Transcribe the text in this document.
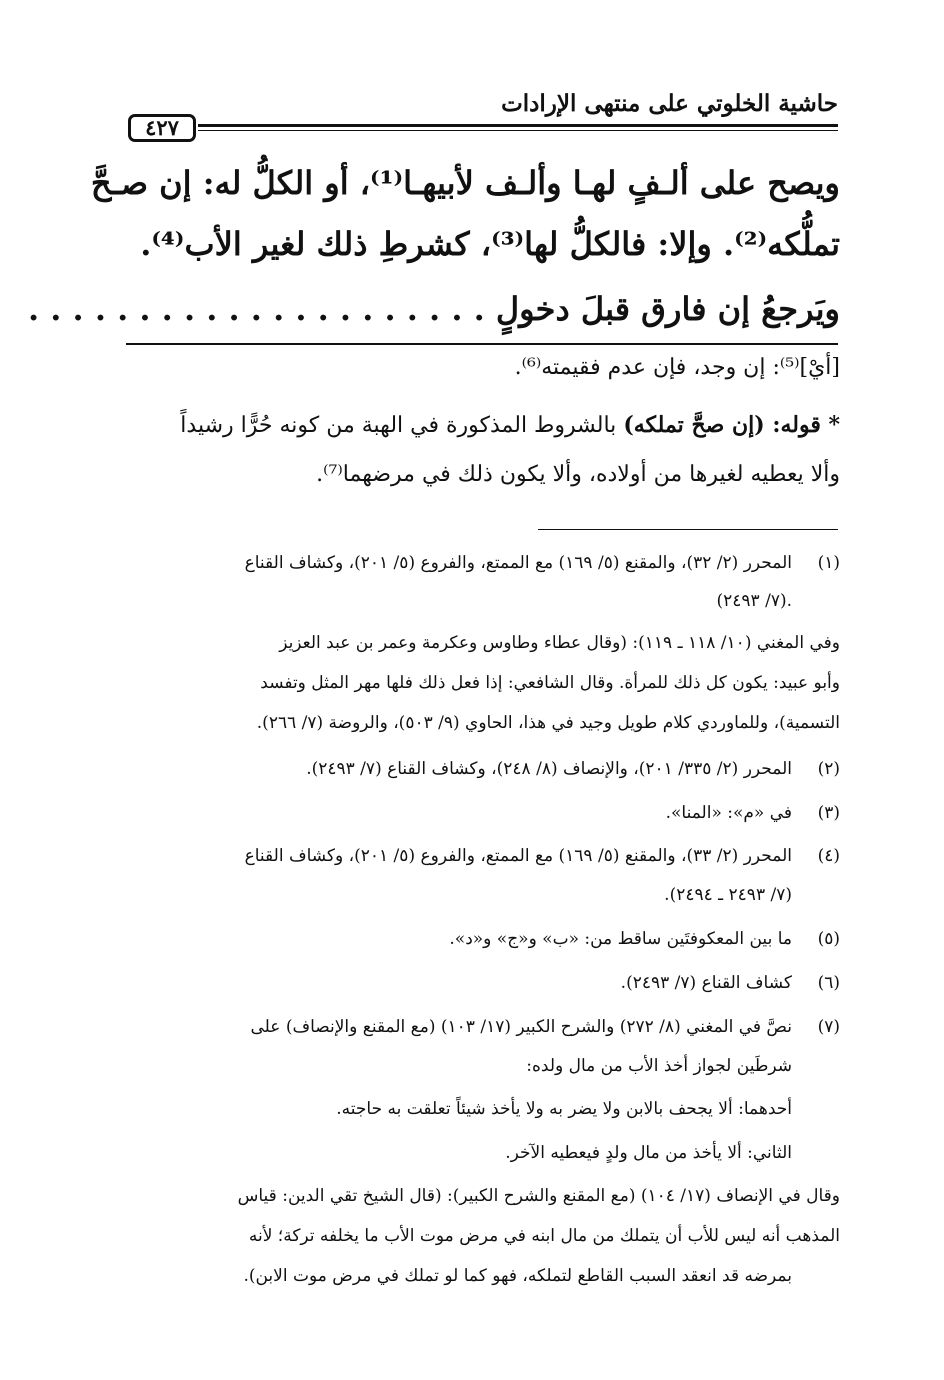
حاشية الخلوتي على منتهى الإرادات
٤٢٧
ويصح على ألـفٍ لهـا وألـف لأبيهـا⁽¹⁾، أو الكلُّ له: إن صـحَّ
تملُّكه⁽²⁾. وإلا: فالكلُّ لها⁽³⁾، كشرطِ ذلك لغير الأب⁽⁴⁾.
ويَرجعُ إن فارق قبلَ دخولٍ . . . . . . . . . . . . . . . . . . . . .
[أيْ]⁽⁵⁾: إن وجد، فإن عدم فقيمته⁽⁶⁾.
* قوله: (إن صحَّ تملكه) بالشروط المذكورة في الهبة من كونه حُرًّا رشيداً
وألا يعطيه لغيرها من أولاده، وألا يكون ذلك في مرضهما⁽⁷⁾.
(١)المحرر (٢/ ٣٢)، والمقنع (٥/ ١٦٩) مع الممتع، والفروع (٥/ ٢٠١)، وكشاف القناع
(٧/ ٢٤٩٣).
وفي المغني (١٠/ ١١٨ ـ ١١٩): (وقال عطاء وطاوس وعكرمة وعمر بن عبد العزيز
وأبو عبيد: يكون كل ذلك للمرأة. وقال الشافعي: إذا فعل ذلك فلها مهر المثل وتفسد
التسمية)، وللماوردي كلام طويل وجيد في هذا، الحاوي (٩/ ٥٠٣)، والروضة (٧/ ٢٦٦).
(٢)المحرر (٢/ ٣٣٥/ ٢٠١)، والإنصاف (٨/ ٢٤٨)، وكشاف القناع (٧/ ٢٤٩٣).
(٣)في «م»: «المنا».
(٤)المحرر (٢/ ٣٣)، والمقنع (٥/ ١٦٩) مع الممتع، والفروع (٥/ ٢٠١)، وكشاف القناع
(٧/ ٢٤٩٣ ـ ٢٤٩٤).
(٥)ما بين المعكوفتَين ساقط من: «ب» و«ج» و«د».
(٦)كشاف القناع (٧/ ٢٤٩٣).
(٧)نصَّ في المغني (٨/ ٢٧٢) والشرح الكبير (١٧/ ١٠٣) (مع المقنع والإنصاف) على
شرطَين لجواز أخذ الأب من مال ولده:
أحدهما: ألا يجحف بالابن ولا يضر به ولا يأخذ شيئاً تعلقت به حاجته.
الثاني: ألا يأخذ من مال ولدٍ فيعطيه الآخر.
وقال في الإنصاف (١٧/ ١٠٤) (مع المقنع والشرح الكبير): (قال الشيخ تقي الدين: قياس
المذهب أنه ليس للأب أن يتملك من مال ابنه في مرض موت الأب ما يخلفه تركة؛ لأنه
بمرضه قد انعقد السبب القاطع لتملكه، فهو كما لو تملك في مرض موت الابن).
